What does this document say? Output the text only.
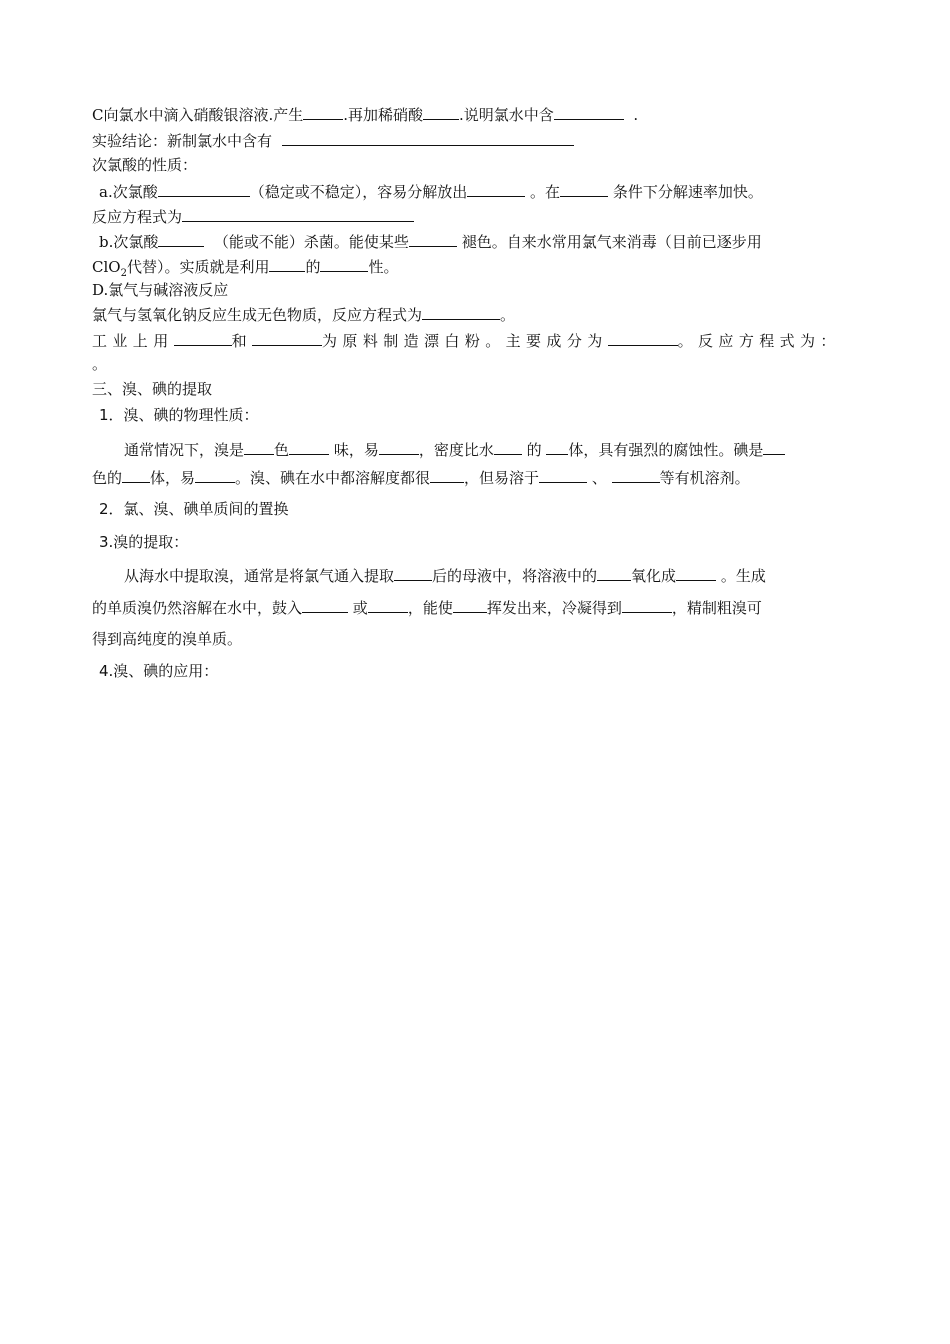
C向氯水中滴入硝酸银溶液.产生	.再加稀硝酸 .说明氯水中含	.
实验结论：新制氯水中含有
次氯酸的性质：
a.次氯酸	（稳定或不稳定），容易分解放出	。在	条件下分解速率加快。
反应方程式为
b.次氯酸	（能或不能）杀菌。能使某些	褪色。自来水常用氯气来消毒（目前已逐步用
ClO$_2$代替）。实质就是利用 的	性。
D.氯气与碱溶液反应
氯气与氢氧化钠反应生成无色物质，反应方程式为	。
工业上用	和	为原料制造漂白粉。主要成分为	。反应方程式为：
。
三、溴、碘的提取
1．溴、碘的物理性质：
通常情况下，溴是 色	味，易	，密度比水 的 体，具有强烈的腐蚀性。碘是
色的 体，易	。溴、碘在水中都溶解度都很 ，但易溶于	、	等有机溶剂。
2．氯、溴、碘单质间的置换
3.溴的提取：
从海水中提取溴，通常是将氯气通入提取	后的母液中，将溶液中的 氧化成	。生成
的单质溴仍然溶解在水中，鼓入	或	，能使 挥发出来，冷凝得到	，精制粗溴可
得到高纯度的溴单质。
4.溴、碘的应用：
